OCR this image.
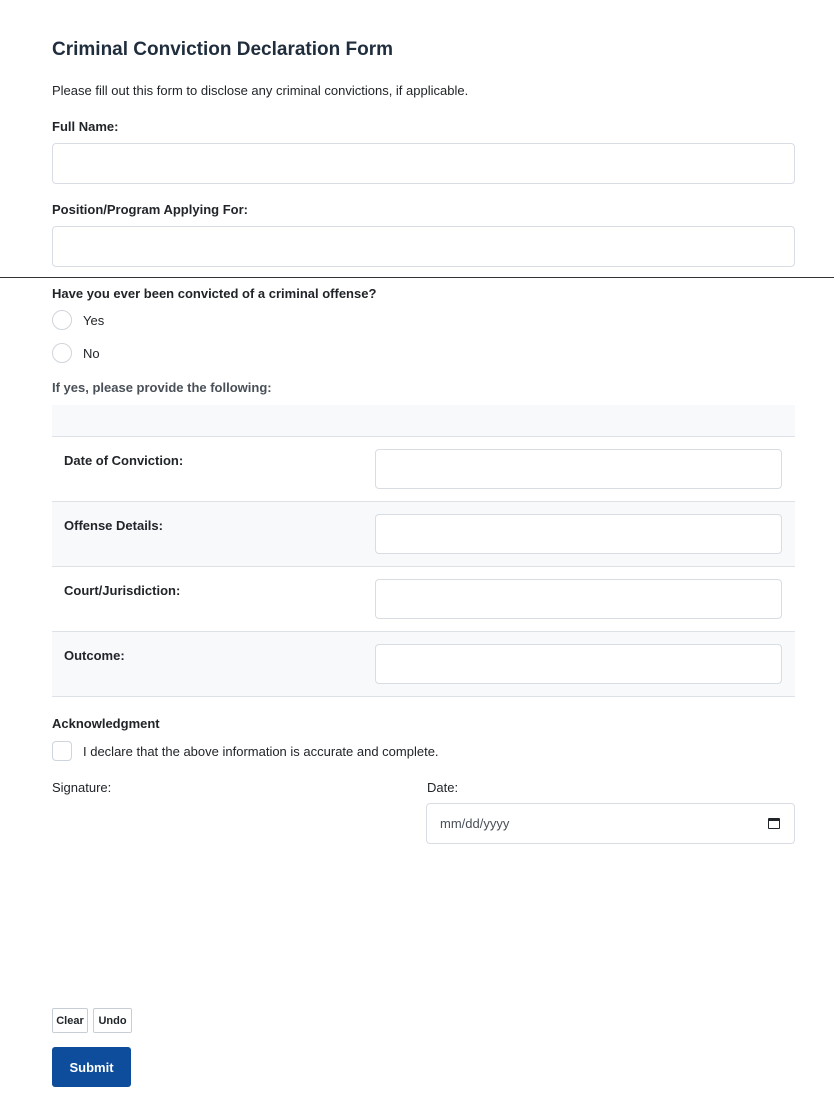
Criminal Conviction Declaration Form
Please fill out this form to disclose any criminal convictions, if applicable.
Full Name:
Position/Program Applying For:
Have you ever been convicted of a criminal offense?
Yes
No
If yes, please provide the following:
Date of Conviction:
Offense Details:
Court/Jurisdiction:
Outcome:
Acknowledgment
I declare that the above information is accurate and complete.
Signature:	Date:
mm/dd/yyyy
Clear	Undo
Submit
